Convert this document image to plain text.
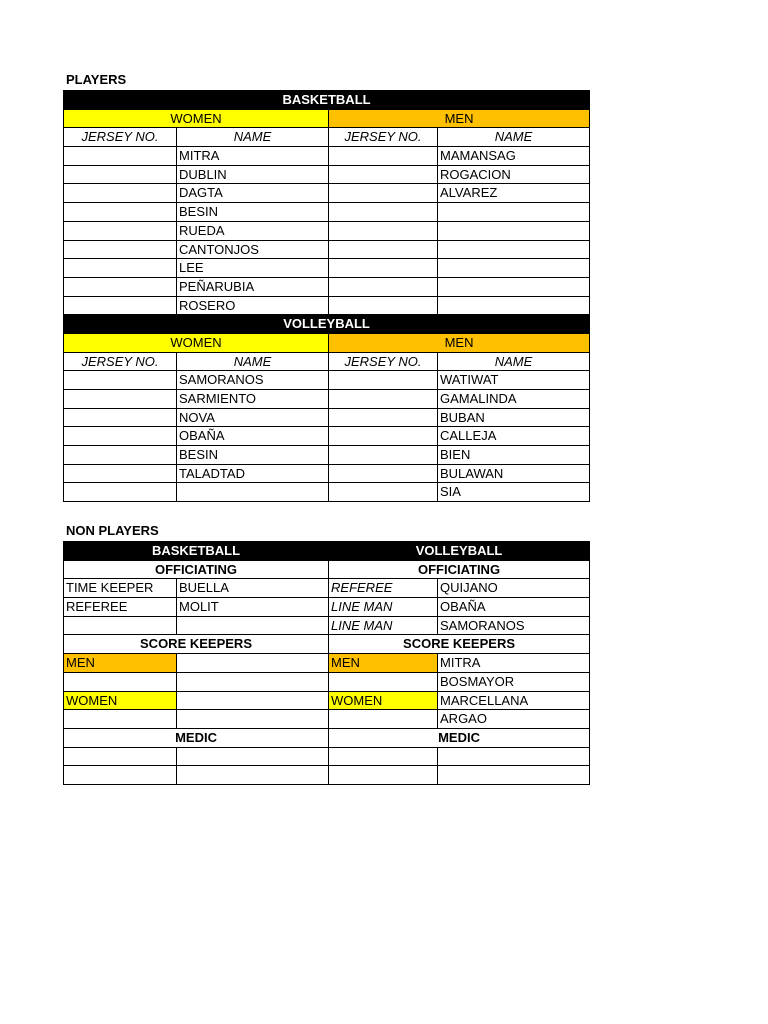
PLAYERS
BASKETBALL			
WOMEN		MEN	
JERSEY NO.	NAME	JERSEY NO.	NAME
	MITRA		MAMANSAG
	DUBLIN		ROGACION
	DAGTA		ALVAREZ
	BESIN		
	RUEDA		
	CANTONJOS		
	LEE		
	PEÑARUBIA		
	ROSERO		
VOLLEYBALL			
WOMEN		MEN	
JERSEY NO.	NAME	JERSEY NO.	NAME
	SAMORANOS		WATIWAT
	SARMIENTO		GAMALINDA
	NOVA		BUBAN
	OBAÑA		CALLEJA
	BESIN		BIEN
	TALADTAD		BULAWAN
			SIA
NON PLAYERS
BASKETBALL		VOLLEYBALL	
OFFICIATING		OFFICIATING	
TIME KEEPER	BUELLA	REFEREE	QUIJANO
REFEREE	MOLIT	LINE MAN	OBAÑA
		LINE MAN	SAMORANOS
SCORE KEEPERS		SCORE KEEPERS	
MEN		MEN	MITRA
			BOSMAYOR
WOMEN		WOMEN	MARCELLANA
			ARGAO
MEDIC		MEDIC	
